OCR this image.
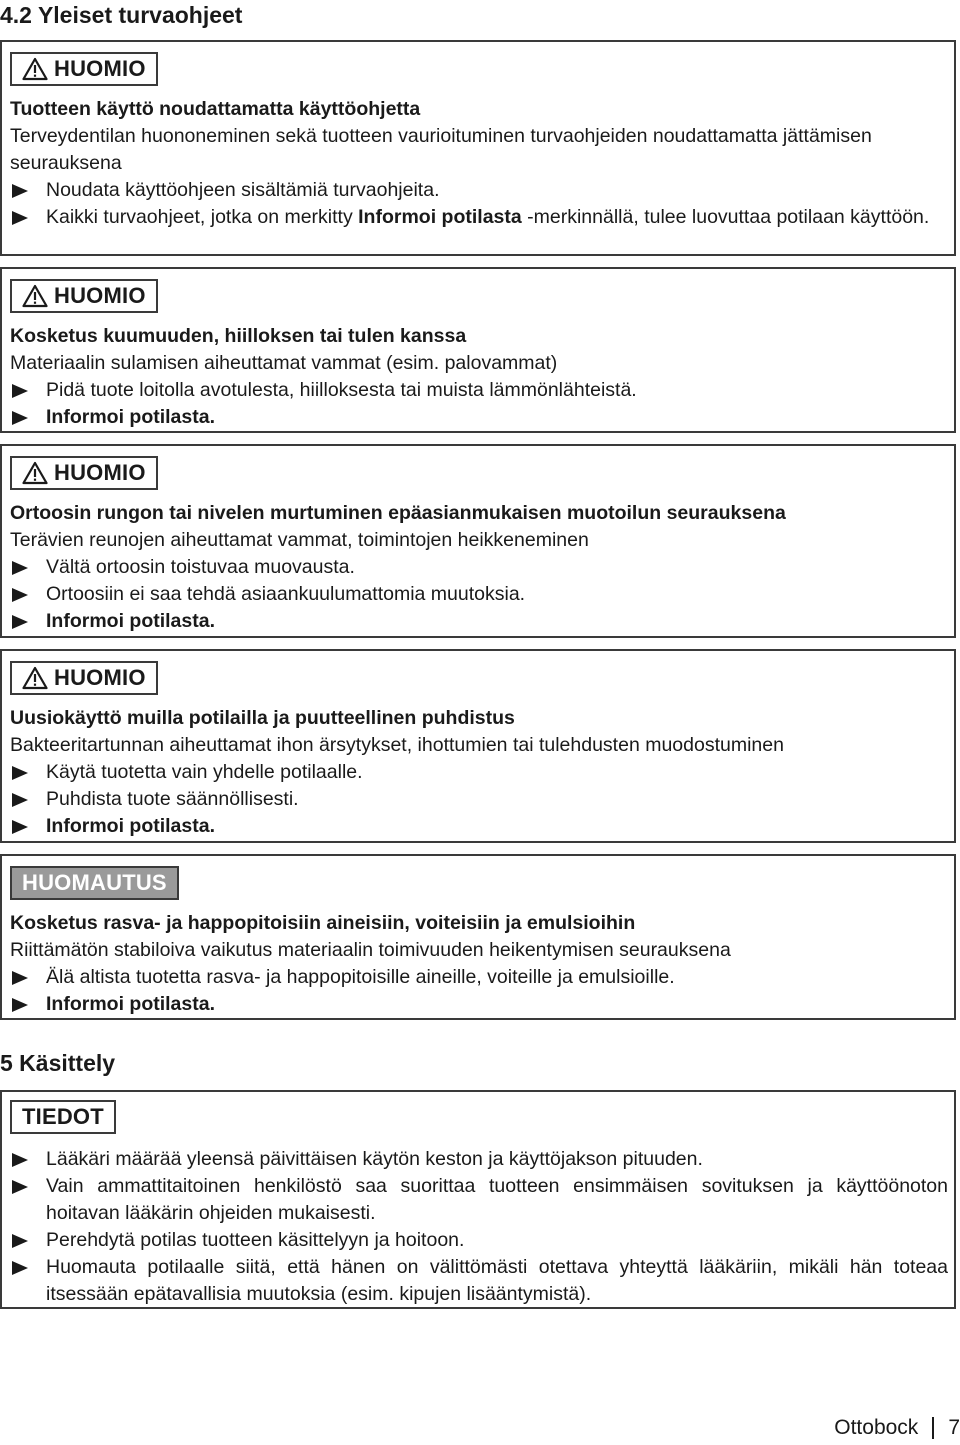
4.2 Yleiset turvaohjeet
HUOMIO
Tuotteen käyttö noudattamatta käyttöohjetta
Terveydentilan huononeminen sekä tuotteen vaurioituminen turvaohjeiden noudattamatta jättämisen seurauksena
Noudata käyttöohjeen sisältämiä turvaohjeita.
Kaikki turvaohjeet, jotka on merkitty Informoi potilasta -merkinnällä, tulee luovuttaa potilaan käyttöön.
HUOMIO
Kosketus kuumuuden, hiilloksen tai tulen kanssa
Materiaalin sulamisen aiheuttamat vammat (esim. palovammat)
Pidä tuote loitolla avotulesta, hiilloksesta tai muista lämmönlähteistä.
Informoi potilasta.
HUOMIO
Ortoosin rungon tai nivelen murtuminen epäasianmukaisen muotoilun seurauksena
Terävien reunojen aiheuttamat vammat, toimintojen heikkeneminen
Vältä ortoosin toistuvaa muovausta.
Ortoosiin ei saa tehdä asiaankuulumattomia muutoksia.
Informoi potilasta.
HUOMIO
Uusiokäyttö muilla potilailla ja puutteellinen puhdistus
Bakteeritartunnan aiheuttamat ihon ärsytykset, ihottumien tai tulehdusten muodostuminen
Käytä tuotetta vain yhdelle potilaalle.
Puhdista tuote säännöllisesti.
Informoi potilasta.
HUOMAUTUS
Kosketus rasva- ja happopitoisiin aineisiin, voiteisiin ja emulsioihin
Riittämätön stabiloiva vaikutus materiaalin toimivuuden heikentymisen seurauksena
Älä altista tuotetta rasva- ja happopitoisille aineille, voiteille ja emulsioille.
Informoi potilasta.
5 Käsittely
TIEDOT
Lääkäri määrää yleensä päivittäisen käytön keston ja käyttöjakson pituuden.
Vain ammattitaitoinen henkilöstö saa suorittaa tuotteen ensimmäisen sovituksen ja käyttöönoton hoitavan lääkärin ohjeiden mukaisesti.
Perehdytä potilas tuotteen käsittelyyn ja hoitoon.
Huomauta potilaalle siitä, että hänen on välittömästi otettava yhteyttä lääkäriin, mikäli hän toteaa itsessään epätavallisia muutoksia (esim. kipujen lisääntymistä).
Ottobock 7
